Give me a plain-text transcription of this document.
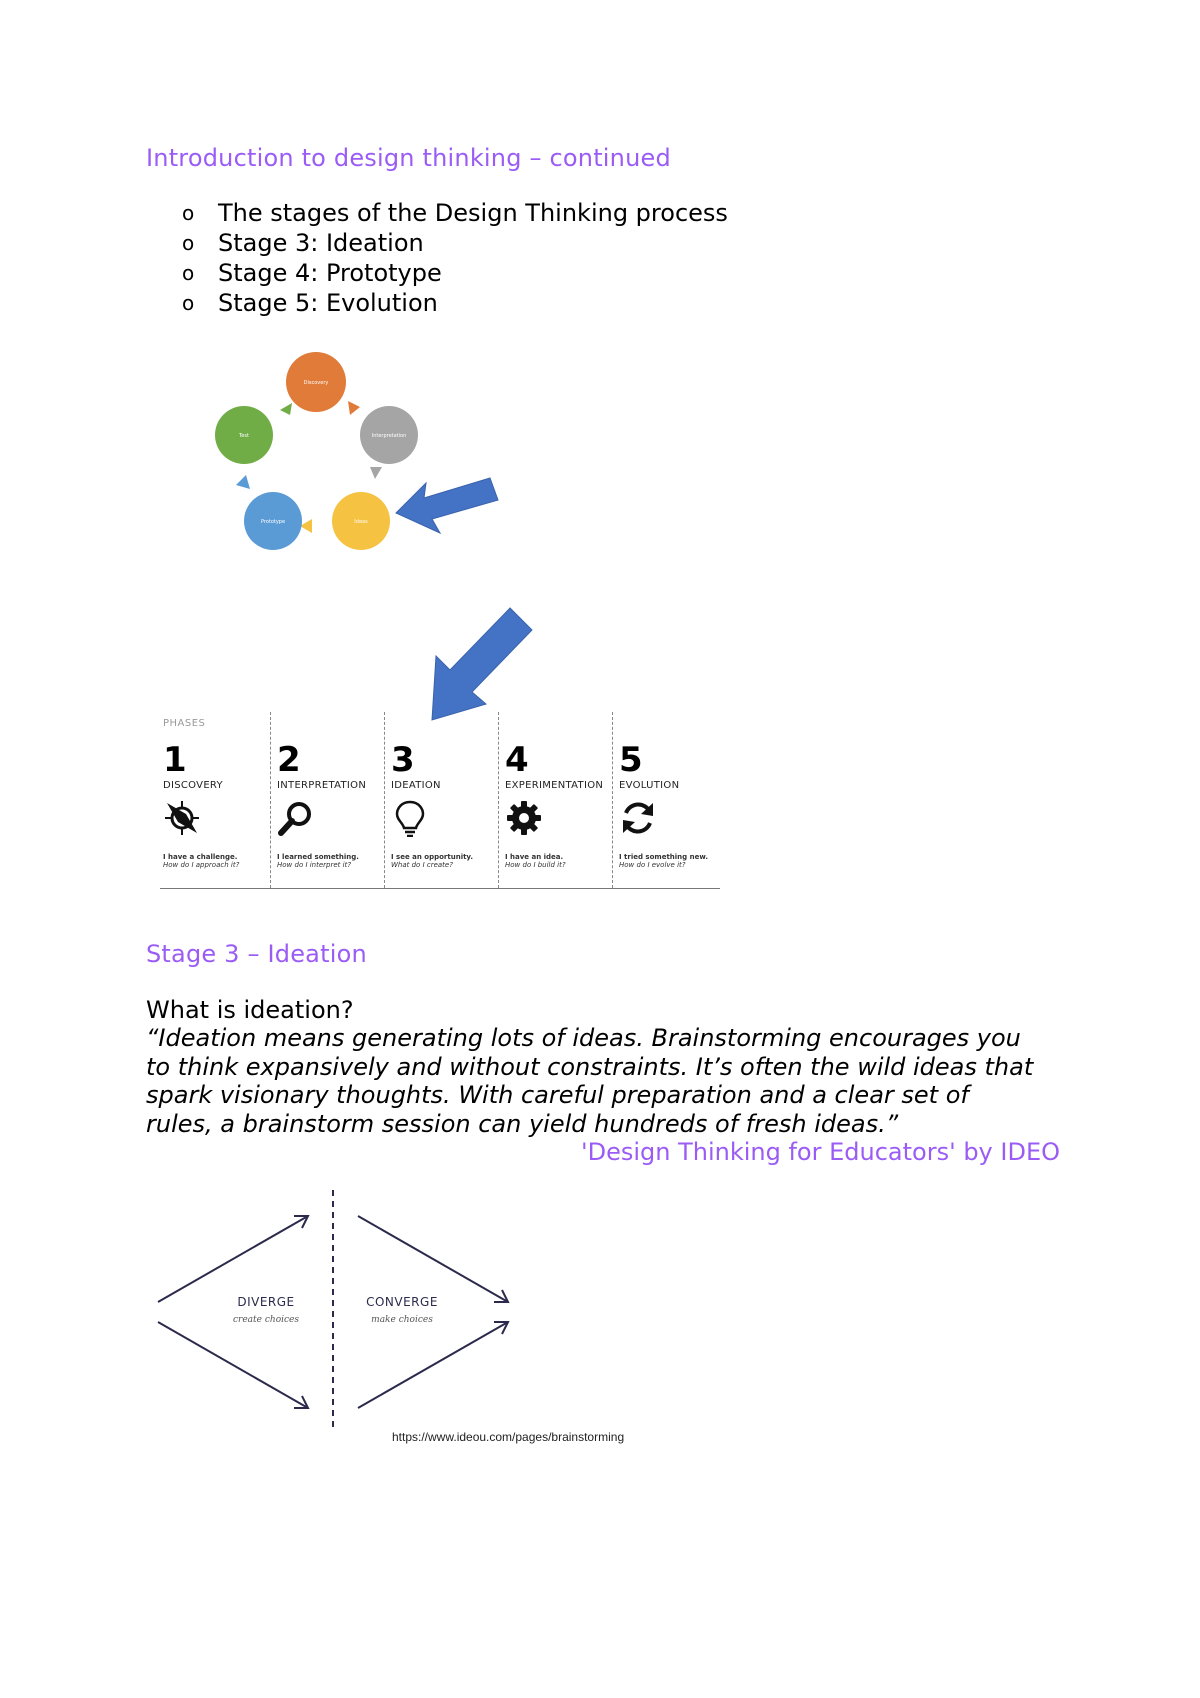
Introduction to design thinking – continued
o The stages of the Design Thinking process
o Stage 3: Ideation
o Stage 4: Prototype
o Stage 5: Evolution
Discovery
Interpretation
Ideas
Prototype
Test
PHASES
1
DISCOVERY
I have a challenge.
How do I approach it?
2
INTERPRETATION
I learned something.
How do I interpret it?
3
IDEATION
I see an opportunity.
What do I create?
4
EXPERIMENTATION
I have an idea.
How do I build it?
5
EVOLUTION
I tried something new.
How do I evolve it?
Stage 3 – Ideation
What is ideation?
“Ideation means generating lots of ideas. Brainstorming encourages you
to think expansively and without constraints. It’s often the wild ideas that
spark visionary thoughts. With careful preparation and a clear set of
rules, a brainstorm session can yield hundreds of fresh ideas.”
'Design Thinking for Educators' by IDEO
DIVERGE
create choices
CONVERGE
make choices
https://www.ideou.com/pages/brainstorming
